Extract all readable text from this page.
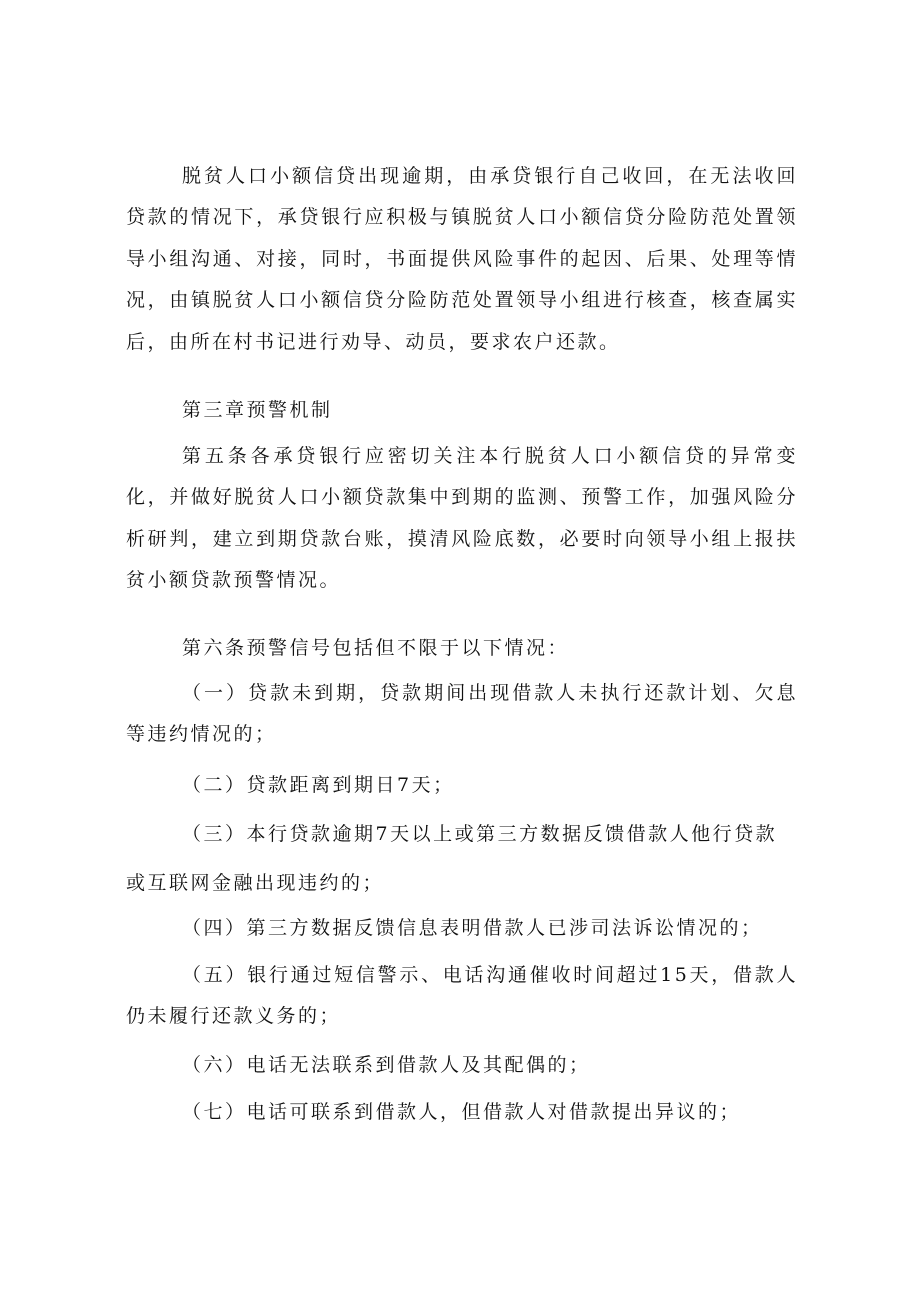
脱贫人口小额信贷出现逾期，由承贷银行自己收回，在无法收回贷款的情况下，承贷银行应积极与镇脱贫人口小额信贷分险防范处置领导小组沟通、对接，同时，书面提供风险事件的起因、后果、处理等情况，由镇脱贫人口小额信贷分险防范处置领导小组进行核查，核查属实后，由所在村书记进行劝导、动员，要求农户还款。

第三章预警机制

第五条各承贷银行应密切关注本行脱贫人口小额信贷的异常变化，并做好脱贫人口小额贷款集中到期的监测、预警工作，加强风险分析研判，建立到期贷款台账，摸清风险底数，必要时向领导小组上报扶贫小额贷款预警情况。

第六条预警信号包括但不限于以下情况：

（一）贷款未到期，贷款期间出现借款人未执行还款计划、欠息等违约情况的；

（二）贷款距离到期日7天；

（三）本行贷款逾期7天以上或第三方数据反馈借款人他行贷款

或互联网金融出现违约的；

（四）第三方数据反馈信息表明借款人已涉司法诉讼情况的；

（五）银行通过短信警示、电话沟通催收时间超过15天，借款人仍未履行还款义务的；

（六）电话无法联系到借款人及其配偶的；

（七）电话可联系到借款人，但借款人对借款提出异议的；
